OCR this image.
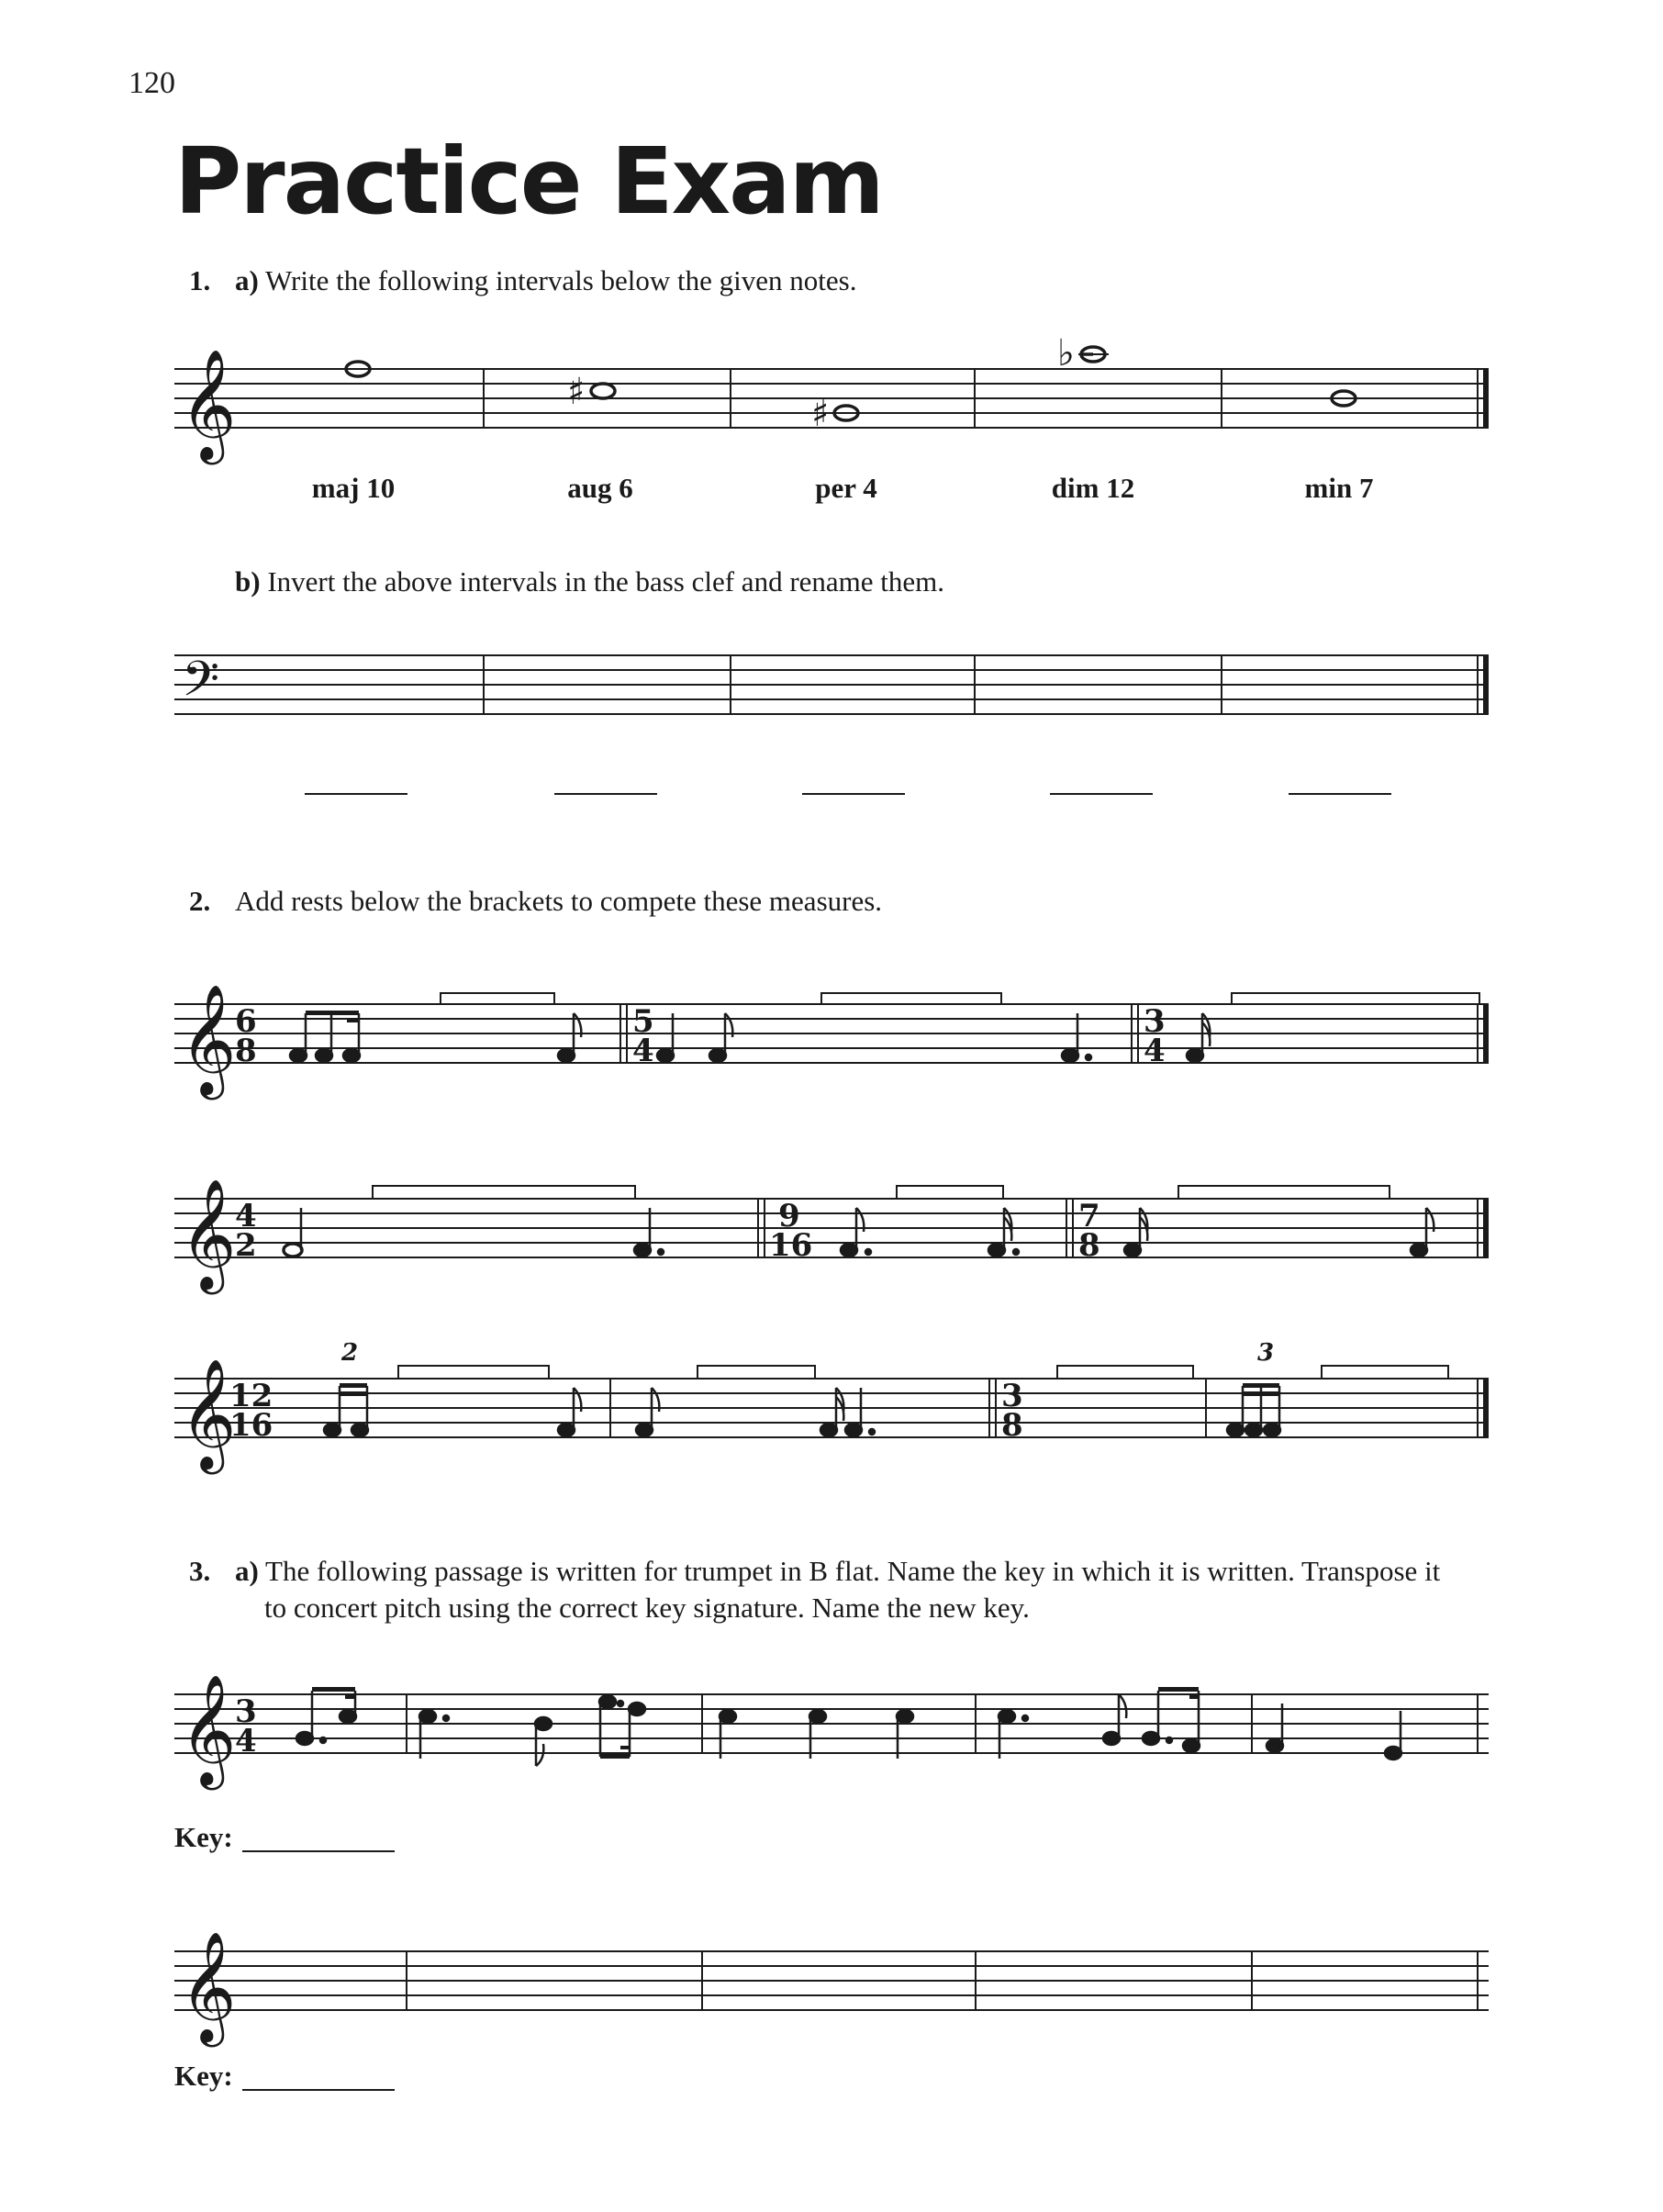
120
Practice Exam
1. a) Write the following intervals below the given notes.
𝄞	♯
♯
♭
maj 10	aug 6	per 4	dim 12	min 7
b) Invert the above intervals in the bass clef and rename them.
𝄢
2. Add rests below the brackets to compete these measures.
𝄞
6
8
5
4
3
4
𝄞
4
2
9
16
7
8
𝄞
12
16
3
8
2	3
3. a) The following passage is written for trumpet in B flat. Name the key in which it is written. Transpose it
to concert pitch using the correct key signature. Name the new key.
𝄞
3
4
Key:
𝄞
Key:
